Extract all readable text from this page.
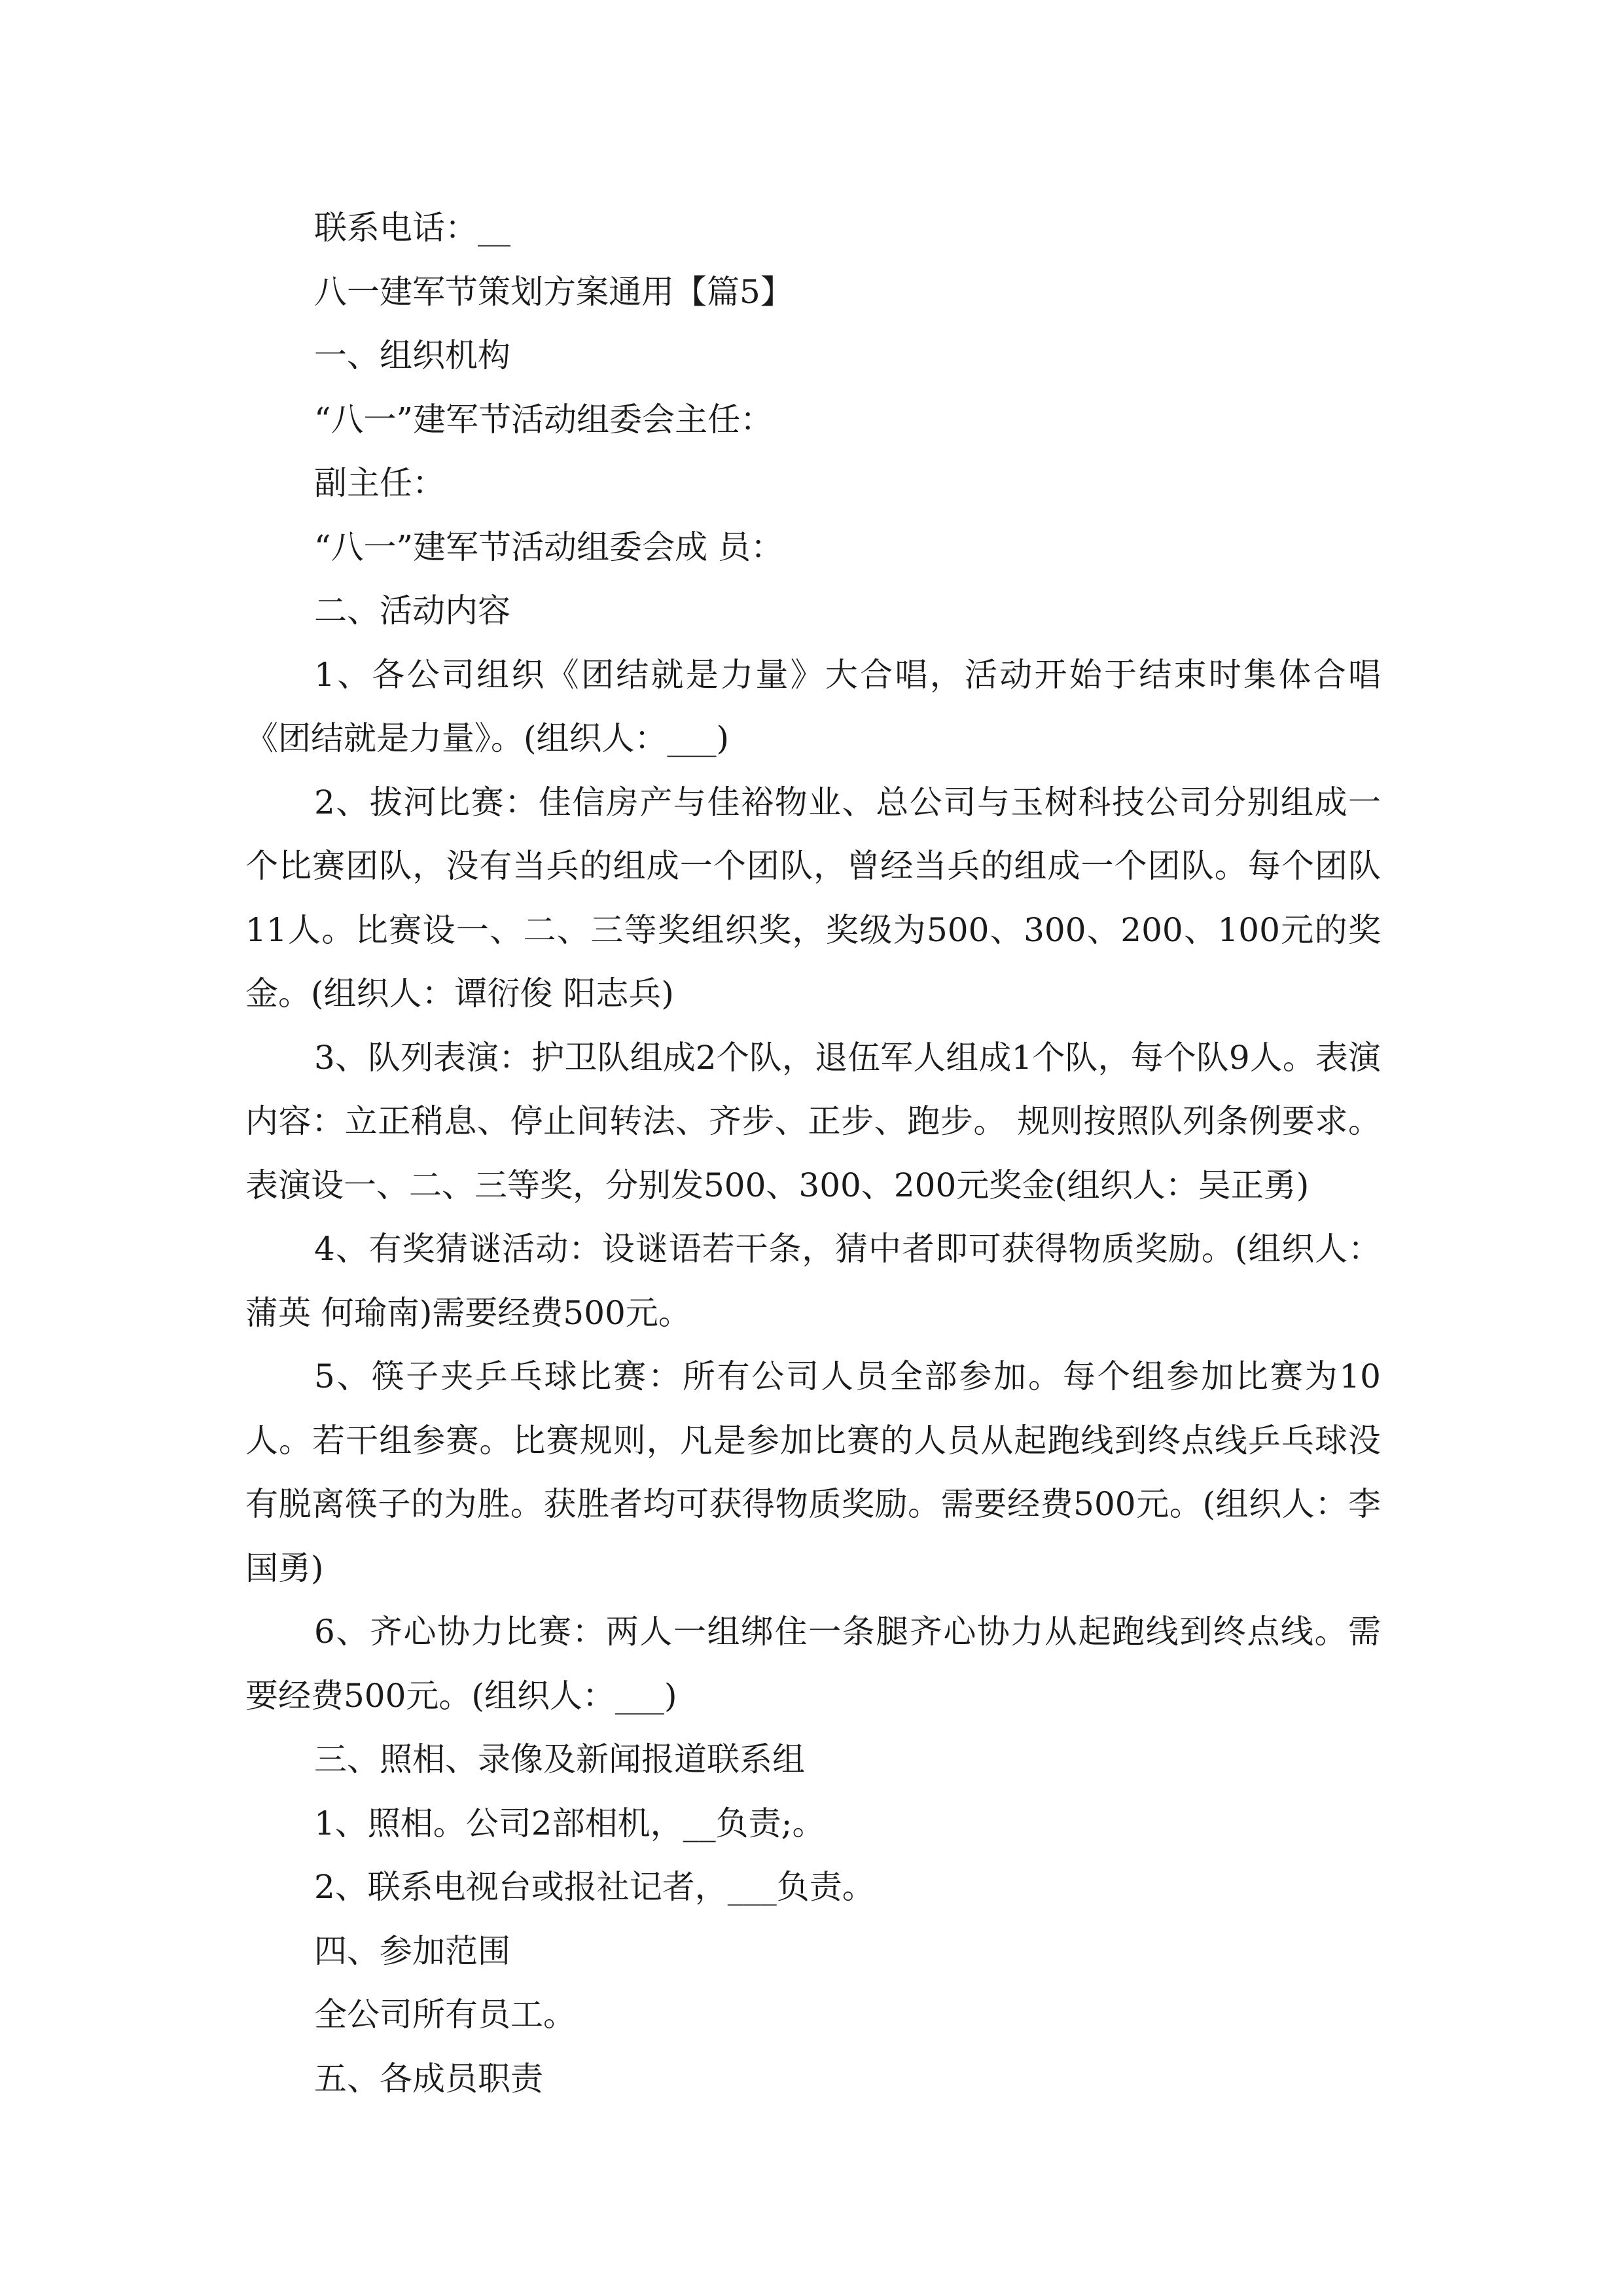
联系电话：__

八一建军节策划方案通用【篇5】

一、组织机构

“八一”建军节活动组委会主任：

副主任：

“八一”建军节活动组委会成 员：

二、活动内容

1、各公司组织《团结就是力量》大合唱，活动开始于结束时集体合唱《团结就是力量》。(组织人：___)

2、拔河比赛：佳信房产与佳裕物业、总公司与玉树科技公司分别组成一个比赛团队，没有当兵的组成一个团队，曾经当兵的组成一个团队。每个团队11人。比赛设一、二、三等奖组织奖，奖级为500、300、200、100元的奖金。(组织人：谭衍俊 阳志兵)

3、队列表演：护卫队组成2个队，退伍军人组成1个队，每个队9人。表演内容：立正稍息、停止间转法、齐步、正步、跑步。 规则按照队列条例要求。表演设一、二、三等奖，分别发500、300、200元奖金(组织人：吴正勇)

4、有奖猜谜活动：设谜语若干条，猜中者即可获得物质奖励。(组织人：蒲英 何瑜南)需要经费500元。

5、筷子夹乒乓球比赛：所有公司人员全部参加。每个组参加比赛为10人。若干组参赛。比赛规则，凡是参加比赛的人员从起跑线到终点线乒乓球没有脱离筷子的为胜。获胜者均可获得物质奖励。需要经费500元。(组织人：李国勇)

6、齐心协力比赛：两人一组绑住一条腿齐心协力从起跑线到终点线。需要经费500元。(组织人：___)

三、照相、录像及新闻报道联系组

1、照相。公司2部相机，__负责;。

2、联系电视台或报社记者，___负责。

四、参加范围

全公司所有员工。

五、各成员职责
